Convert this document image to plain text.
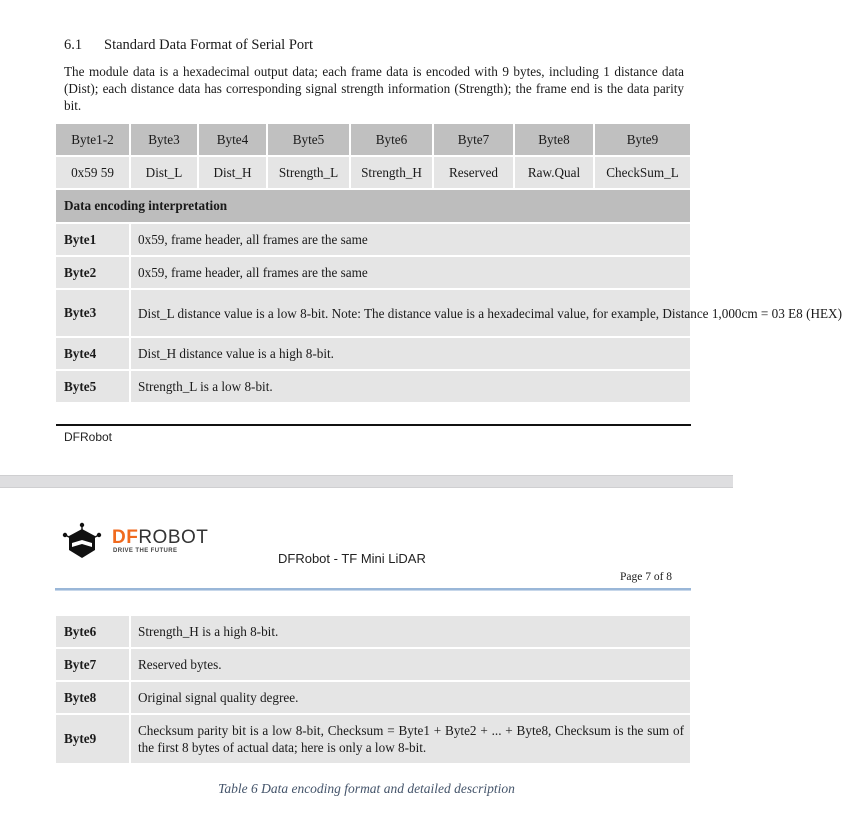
6.1 Standard Data Format of Serial Port
The module data is a hexadecimal output data; each frame data is encoded with 9 bytes, including 1 distance data (Dist); each distance data has corresponding signal strength information (Strength); the frame end is the data parity bit.
Byte1-2	Byte3	Byte4	Byte5	Byte6	Byte7	Byte8	Byte9
0x59 59	Dist_L	Dist_H	Strength_L	Strength_H	Reserved	Raw.Qual	CheckSum_L
Data encoding interpretation							
Byte1	0x59, frame header, all frames are the same						
Byte2	0x59, frame header, all frames are the same						
Byte3	Dist_L distance value is a low 8-bit. Note: The distance value is a hexadecimal value, for example, Distance 1,000cm = 03 E8 (HEX)						
Byte4	Dist_H distance value is a high 8-bit.						
Byte5	Strength_L is a low 8-bit.						
DFRobot
DFROBOT
DRIVE THE FUTURE	DFRobot - TF Mini LiDAR
Page 7 of 8
Byte6	Strength_H is a high 8-bit.
Byte7	Reserved bytes.
Byte8	Original signal quality degree.
Byte9	Checksum parity bit is a low 8-bit, Checksum = Byte1 + Byte2 + ... + Byte8, Checksum is the sum of the first 8 bytes of actual data; here is only a low 8-bit.
Table 6 Data encoding format and detailed description
